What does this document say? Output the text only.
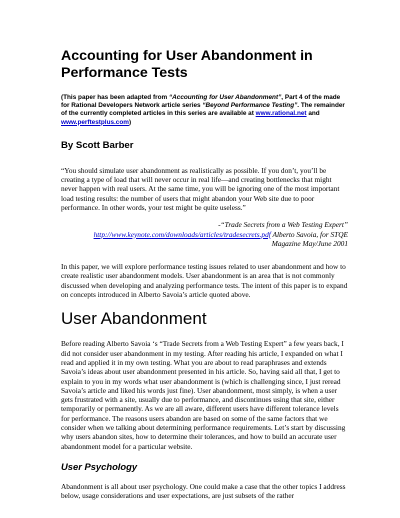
Accounting for User Abandonment in
Performance Tests
(This paper has been adapted from “Accounting for User Abandonment”, Part 4 of the made for Rational Developers Network article series “Beyond Performance Testing”. The remainder of the currently completed articles in this series are available at www.rational.net and www.perftestplus.com)
By Scott Barber

“You should simulate user abandonment as realistically as possible. If you don’t, you’ll be creating a type of load that will never occur in real life—and creating bottlenecks that might never happen with real users. At the same time, you will be ignoring one of the most important load testing results: the number of users that might abandon your Web site due to poor performance. In other words, your test might be quite useless.”

-“Trade Secrets from a Web Testing Expert”
http://www.keynote.com/downloads/articles/tradesecrets.pdf Alberto Savoia, for STQE
Magazine May/June 2001

In this paper, we will explore performance testing issues related to user abandonment and how to create realistic user abandonment models. User abandonment is an area that is not commonly discussed when developing and analyzing performance tests. The intent of this paper is to expand on concepts introduced in Alberto Savoia’s article quoted above.

User Abandonment

Before reading Alberto Savoia ‘s “Trade Secrets from a Web Testing Expert” a few years back, I did not consider user abandonment in my testing. After reading his article, I expanded on what I read and applied it in my own testing. What you are about to read paraphrases and extends Savoia’s ideas about user abandonment presented in his article. So, having said all that, I get to explain to you in my words what user abandonment is (which is challenging since, I just reread Savoia’s article and liked his words just fine). User abandonment, most simply, is when a user gets frustrated with a site, usually due to performance, and discontinues using that site, either temporarily or permanently. As we are all aware, different users have different tolerance levels for performance. The reasons users abandon are based on some of the same factors that we consider when we talking about determining performance requirements. Let’s start by discussing why users abandon sites, how to determine their tolerances, and how to build an accurate user abandonment model for a particular website.

User Psychology

Abandonment is all about user psychology. One could make a case that the other topics I address below, usage considerations and user expectations, are just subsets of the rather
